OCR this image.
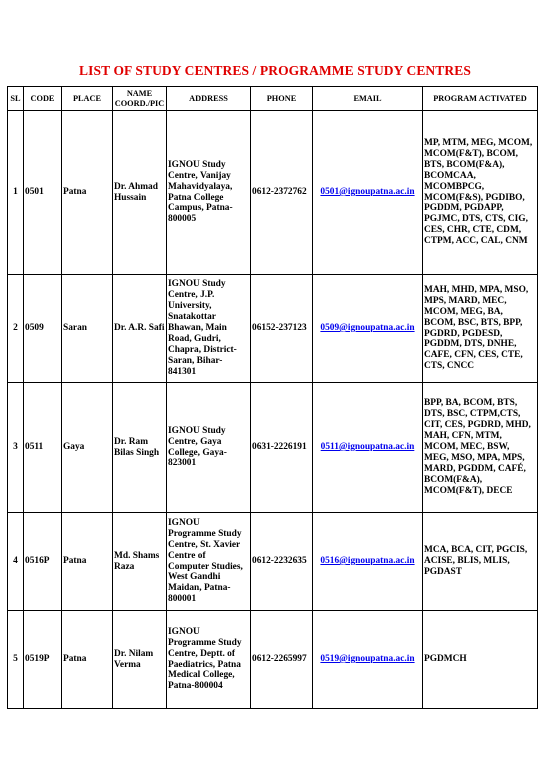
LIST OF STUDY CENTRES / PROGRAMME STUDY CENTRES
SL	CODE	PLACE	NAME COORD./PIC	ADDRESS	PHONE	EMAIL	PROGRAM ACTIVATED
1	0501	Patna	Dr. Ahmad Hussain	IGNOU Study Centre, Vanijay Mahavidyalaya, Patna College Campus, Patna-800005	0612-2372762	0501@ignoupatna.ac.in	MP, MTM, MEG, MCOM, MCOM(F&T), BCOM, BTS, BCOM(F&A), BCOMCAA, MCOMBPCG, MCOM(F&S), PGDIBO, PGDDM, PGDAPP, PGJMC, DTS, CTS, CIG, CES, CHR, CTE, CDM, CTPM, ACC, CAL, CNM
2	0509	Saran	Dr. A.R. Safi	IGNOU Study Centre, J.P. University, Snatakottar Bhawan, Main Road, Gudri, Chapra, District-Saran, Bihar-841301	06152-237123	0509@ignoupatna.ac.in	MAH, MHD, MPA, MSO, MPS, MARD, MEC, MCOM, MEG, BA, BCOM, BSC, BTS, BPP, PGDRD, PGDESD, PGDDM, DTS, DNHE, CAFE, CFN, CES, CTE, CTS, CNCC
3	0511	Gaya	Dr. Ram Bilas Singh	IGNOU Study Centre, Gaya College, Gaya-823001	0631-2226191	0511@ignoupatna.ac.in	BPP, BA, BCOM, BTS, DTS, BSC, CTPM,CTS, CIT, CES, PGDRD, MHD, MAH, CFN, MTM, MCOM, MEC, BSW, MEG, MSO, MPA, MPS, MARD, PGDDM, CAFÉ, BCOM(F&A), MCOM(F&T), DECE
4	0516P	Patna	Md. Shams Raza	IGNOU Programme Study Centre, St. Xavier Centre of Computer Studies, West Gandhi Maidan, Patna-800001	0612-2232635	0516@ignoupatna.ac.in	MCA, BCA, CIT, PGCIS, ACISE, BLIS, MLIS, PGDAST
5	0519P	Patna	Dr. Nilam Verma	IGNOU Programme Study Centre, Deptt. of Paediatrics, Patna Medical College, Patna-800004	0612-2265997	0519@ignoupatna.ac.in	PGDMCH
